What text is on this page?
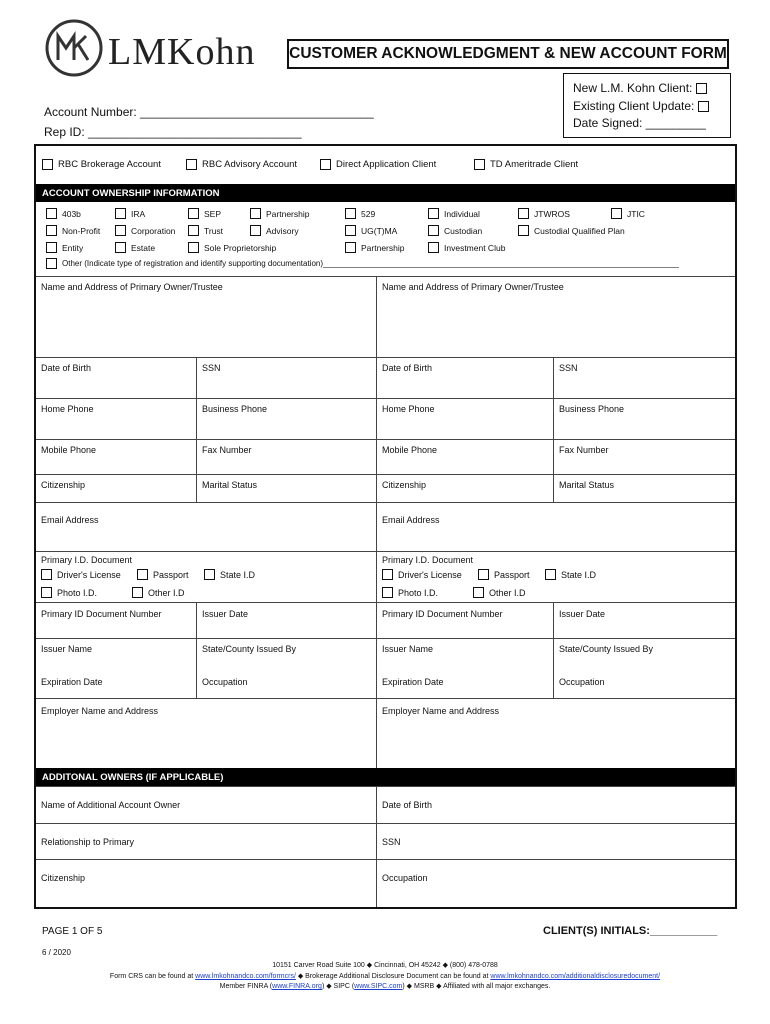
LMKohn CUSTOMER ACKNOWLEDGMENT & NEW ACCOUNT FORM
New L.M. Kohn Client:

Existing Client Update:

Date Signed: _________
Account Number: ___________________________________
Rep ID: ________________________________
RBC Brokerage Account	RBC Advisory Account	Direct Application Client	TD Ameritrade Client
ACCOUNT OWNERSHIP INFORMATION
403b	IRA	SEP	Partnership	529	Individual	JTWROS	JTIC
Non-Profit	Corporation	Trust	Advisory	UG(T)MA	Custodian	Custodial Qualified Plan
Entity	Estate	Sole Proprietorship	Partnership	Investment Club
Other (Indicate type of registration and identify supporting documentation)________________________________________________________________________________
Name and Address of Primary Owner/Trustee
Date of Birth	SSN
Home Phone	Business Phone
Mobile Phone	Fax Number
Citizenship	Marital Status
Email Address
Primary I.D. Document
Driver's License	Passport	State I.D
Photo I.D.	Other I.D
Primary ID Document Number	Issuer Date
Issuer Name	State/County Issued By
Expiration Date	Occupation
Employer Name and Address
Name and Address of Primary Owner/Trustee
Date of Birth	SSN
Home Phone	Business Phone
Mobile Phone	Fax Number
Citizenship	Marital Status
Email Address
Primary I.D. Document
Driver's License	Passport	State I.D
Photo I.D.	Other I.D
Primary ID Document Number	Issuer Date
Issuer Name	State/County Issued By
Expiration Date	Occupation
Employer Name and Address
ADDITONAL OWNERS (IF APPLICABLE)
Name of Additional Account Owner	Date of Birth
Relationship to Primary	SSN
Citizenship	Occupation
PAGE 1 OF 5	CLIENT(S) INITIALS:___________
6 / 2020
10151 Carver Road Suite 100 ◆ Cincinnati, OH 45242 ◆ (800) 478-0788
Form CRS can be found at www.lmkohnandco.com/formcrs/ ◆ Brokerage Additional Disclosure Document can be found at www.lmkohnandco.com/additionaldisclosuredocument/
Member FINRA (www.FINRA.org) ◆ SIPC (www.SIPC.com) ◆ MSRB ◆ Affiliated with all major exchanges.
